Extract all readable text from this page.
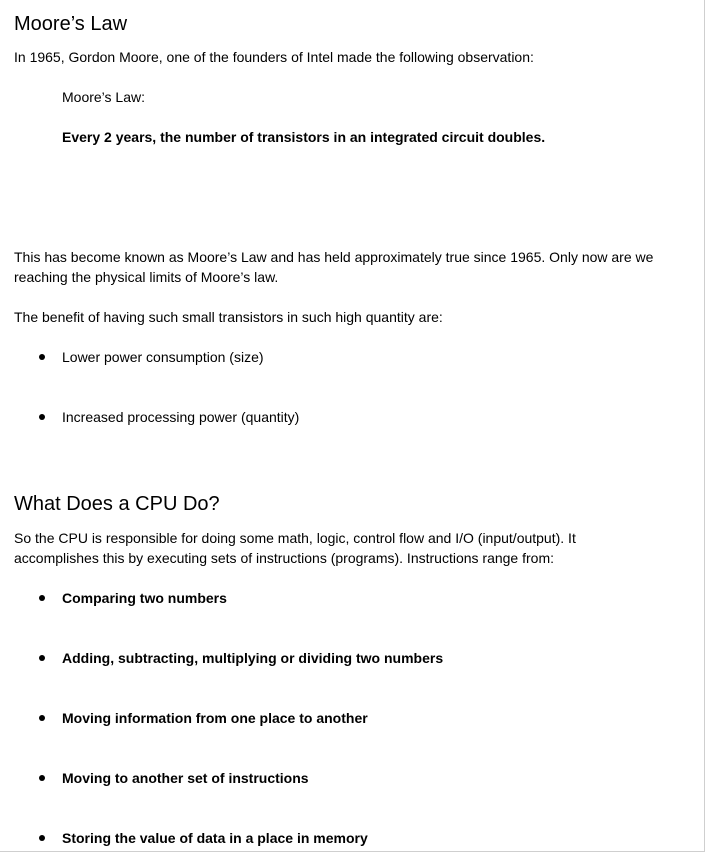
Moore’s Law
In 1965, Gordon Moore, one of the founders of Intel made the following observation:
Moore’s Law:
Every 2 years, the number of transistors in an integrated circuit doubles.
This has become known as Moore’s Law and has held approximately true since 1965. Only now are we
reaching the physical limits of Moore’s law.
The benefit of having such small transistors in such high quantity are:
Lower power consumption (size)
Increased processing power (quantity)
What Does a CPU Do?
So the CPU is responsible for doing some math, logic, control flow and I/O (input/output). It
accomplishes this by executing sets of instructions (programs). Instructions range from:
Comparing two numbers
Adding, subtracting, multiplying or dividing two numbers
Moving information from one place to another
Moving to another set of instructions
Storing the value of data in a place in memory
